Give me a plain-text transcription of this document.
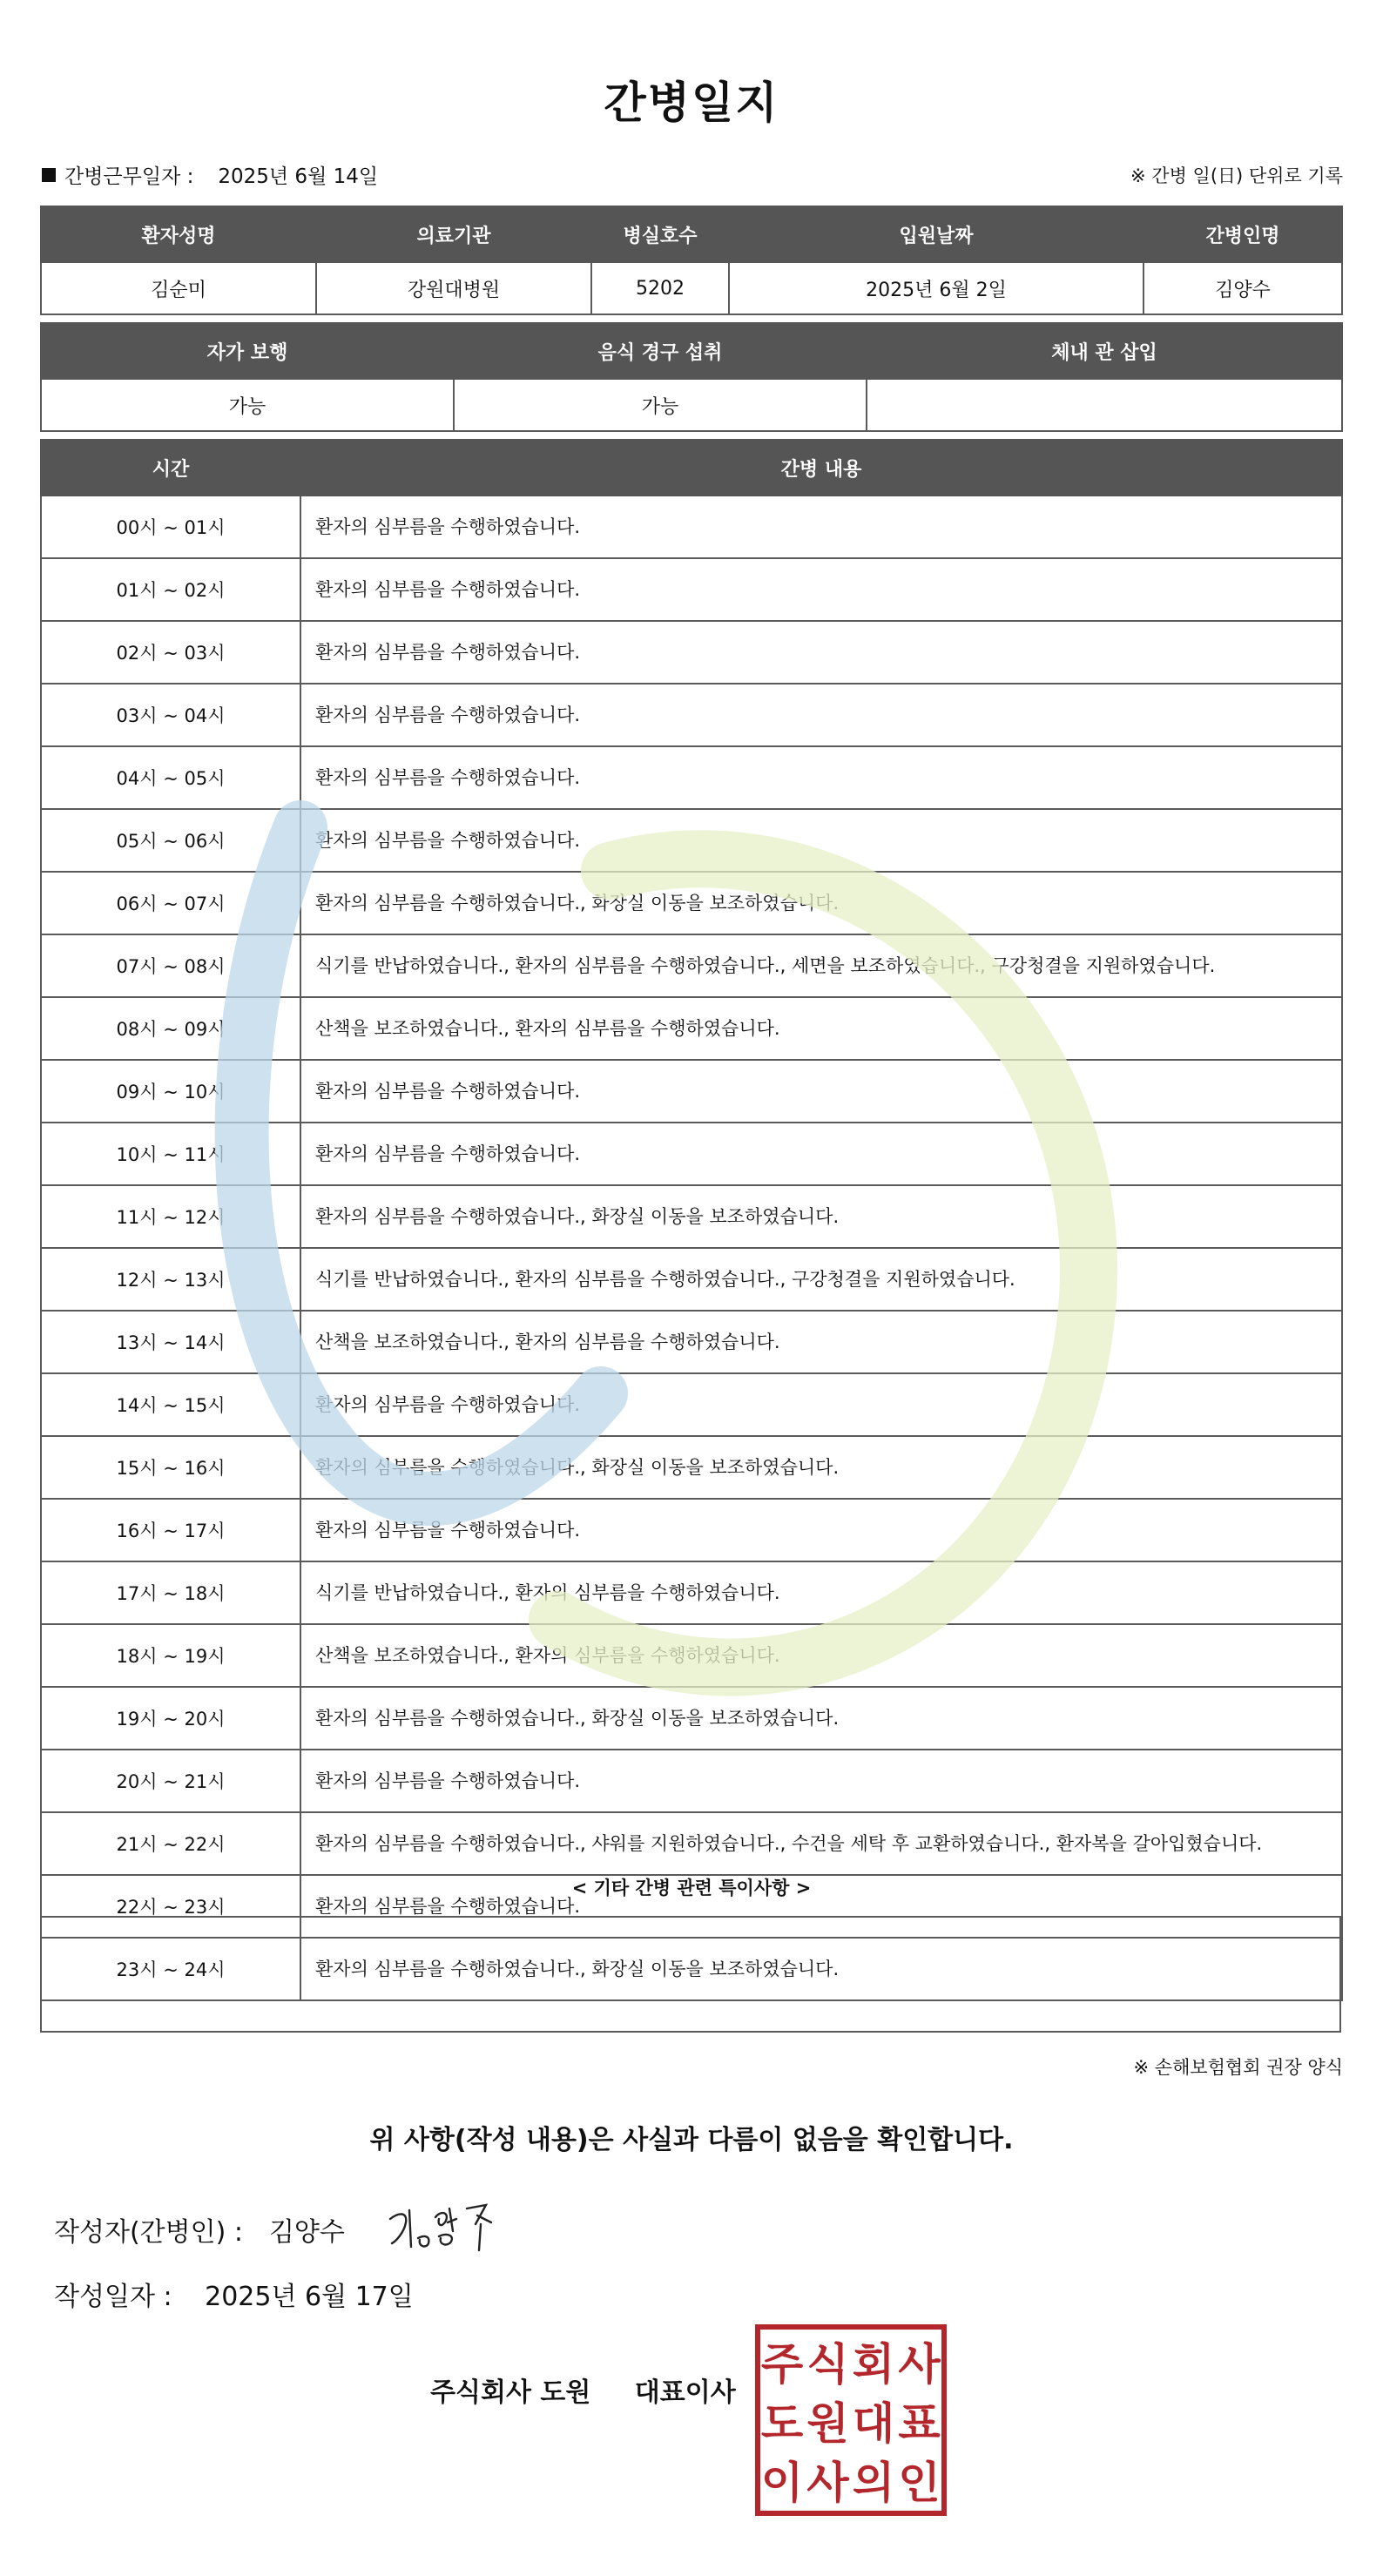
간병일지
간병근무일자 : 2025년 6월 14일	※ 간병 일(日) 단위로 기록
환자성명	의료기관	병실호수	입원날짜	간병인명
김순미	강원대병원	5202	2025년 6월 2일	김양수
자가 보행	음식 경구 섭취	체내 관 삽입
가능	가능	
시간	간병 내용
00시 ~ 01시	환자의 심부름을 수행하였습니다.
01시 ~ 02시	환자의 심부름을 수행하였습니다.
02시 ~ 03시	환자의 심부름을 수행하였습니다.
03시 ~ 04시	환자의 심부름을 수행하였습니다.
04시 ~ 05시	환자의 심부름을 수행하였습니다.
05시 ~ 06시	환자의 심부름을 수행하였습니다.
06시 ~ 07시	환자의 심부름을 수행하였습니다., 화장실 이동을 보조하였습니다.
07시 ~ 08시	식기를 반납하였습니다., 환자의 심부름을 수행하였습니다., 세면을 보조하였습니다., 구강청결을 지원하였습니다.
08시 ~ 09시	산책을 보조하였습니다., 환자의 심부름을 수행하였습니다.
09시 ~ 10시	환자의 심부름을 수행하였습니다.
10시 ~ 11시	환자의 심부름을 수행하였습니다.
11시 ~ 12시	환자의 심부름을 수행하였습니다., 화장실 이동을 보조하였습니다.
12시 ~ 13시	식기를 반납하였습니다., 환자의 심부름을 수행하였습니다., 구강청결을 지원하였습니다.
13시 ~ 14시	산책을 보조하였습니다., 환자의 심부름을 수행하였습니다.
14시 ~ 15시	환자의 심부름을 수행하였습니다.
15시 ~ 16시	환자의 심부름을 수행하였습니다., 화장실 이동을 보조하였습니다.
16시 ~ 17시	환자의 심부름을 수행하였습니다.
17시 ~ 18시	식기를 반납하였습니다., 환자의 심부름을 수행하였습니다.
18시 ~ 19시	산책을 보조하였습니다., 환자의 심부름을 수행하였습니다.
19시 ~ 20시	환자의 심부름을 수행하였습니다., 화장실 이동을 보조하였습니다.
20시 ~ 21시	환자의 심부름을 수행하였습니다.
21시 ~ 22시	환자의 심부름을 수행하였습니다., 샤워를 지원하였습니다., 수건을 세탁 후 교환하였습니다., 환자복을 갈아입혔습니다.
22시 ~ 23시	환자의 심부름을 수행하였습니다.
23시 ~ 24시	환자의 심부름을 수행하였습니다., 화장실 이동을 보조하였습니다.
< 기타 간병 관련 특이사항 >
※ 손해보험협회 권장 양식
위 사항(작성 내용)은 사실과 다름이 없음을 확인합니다.
작성자(간병인) : 김양수
작성일자 : 2025년 6월 17일
주식회사 도원 대표이사
주 식 회 사
도 원 대 표
이 사 의 인
